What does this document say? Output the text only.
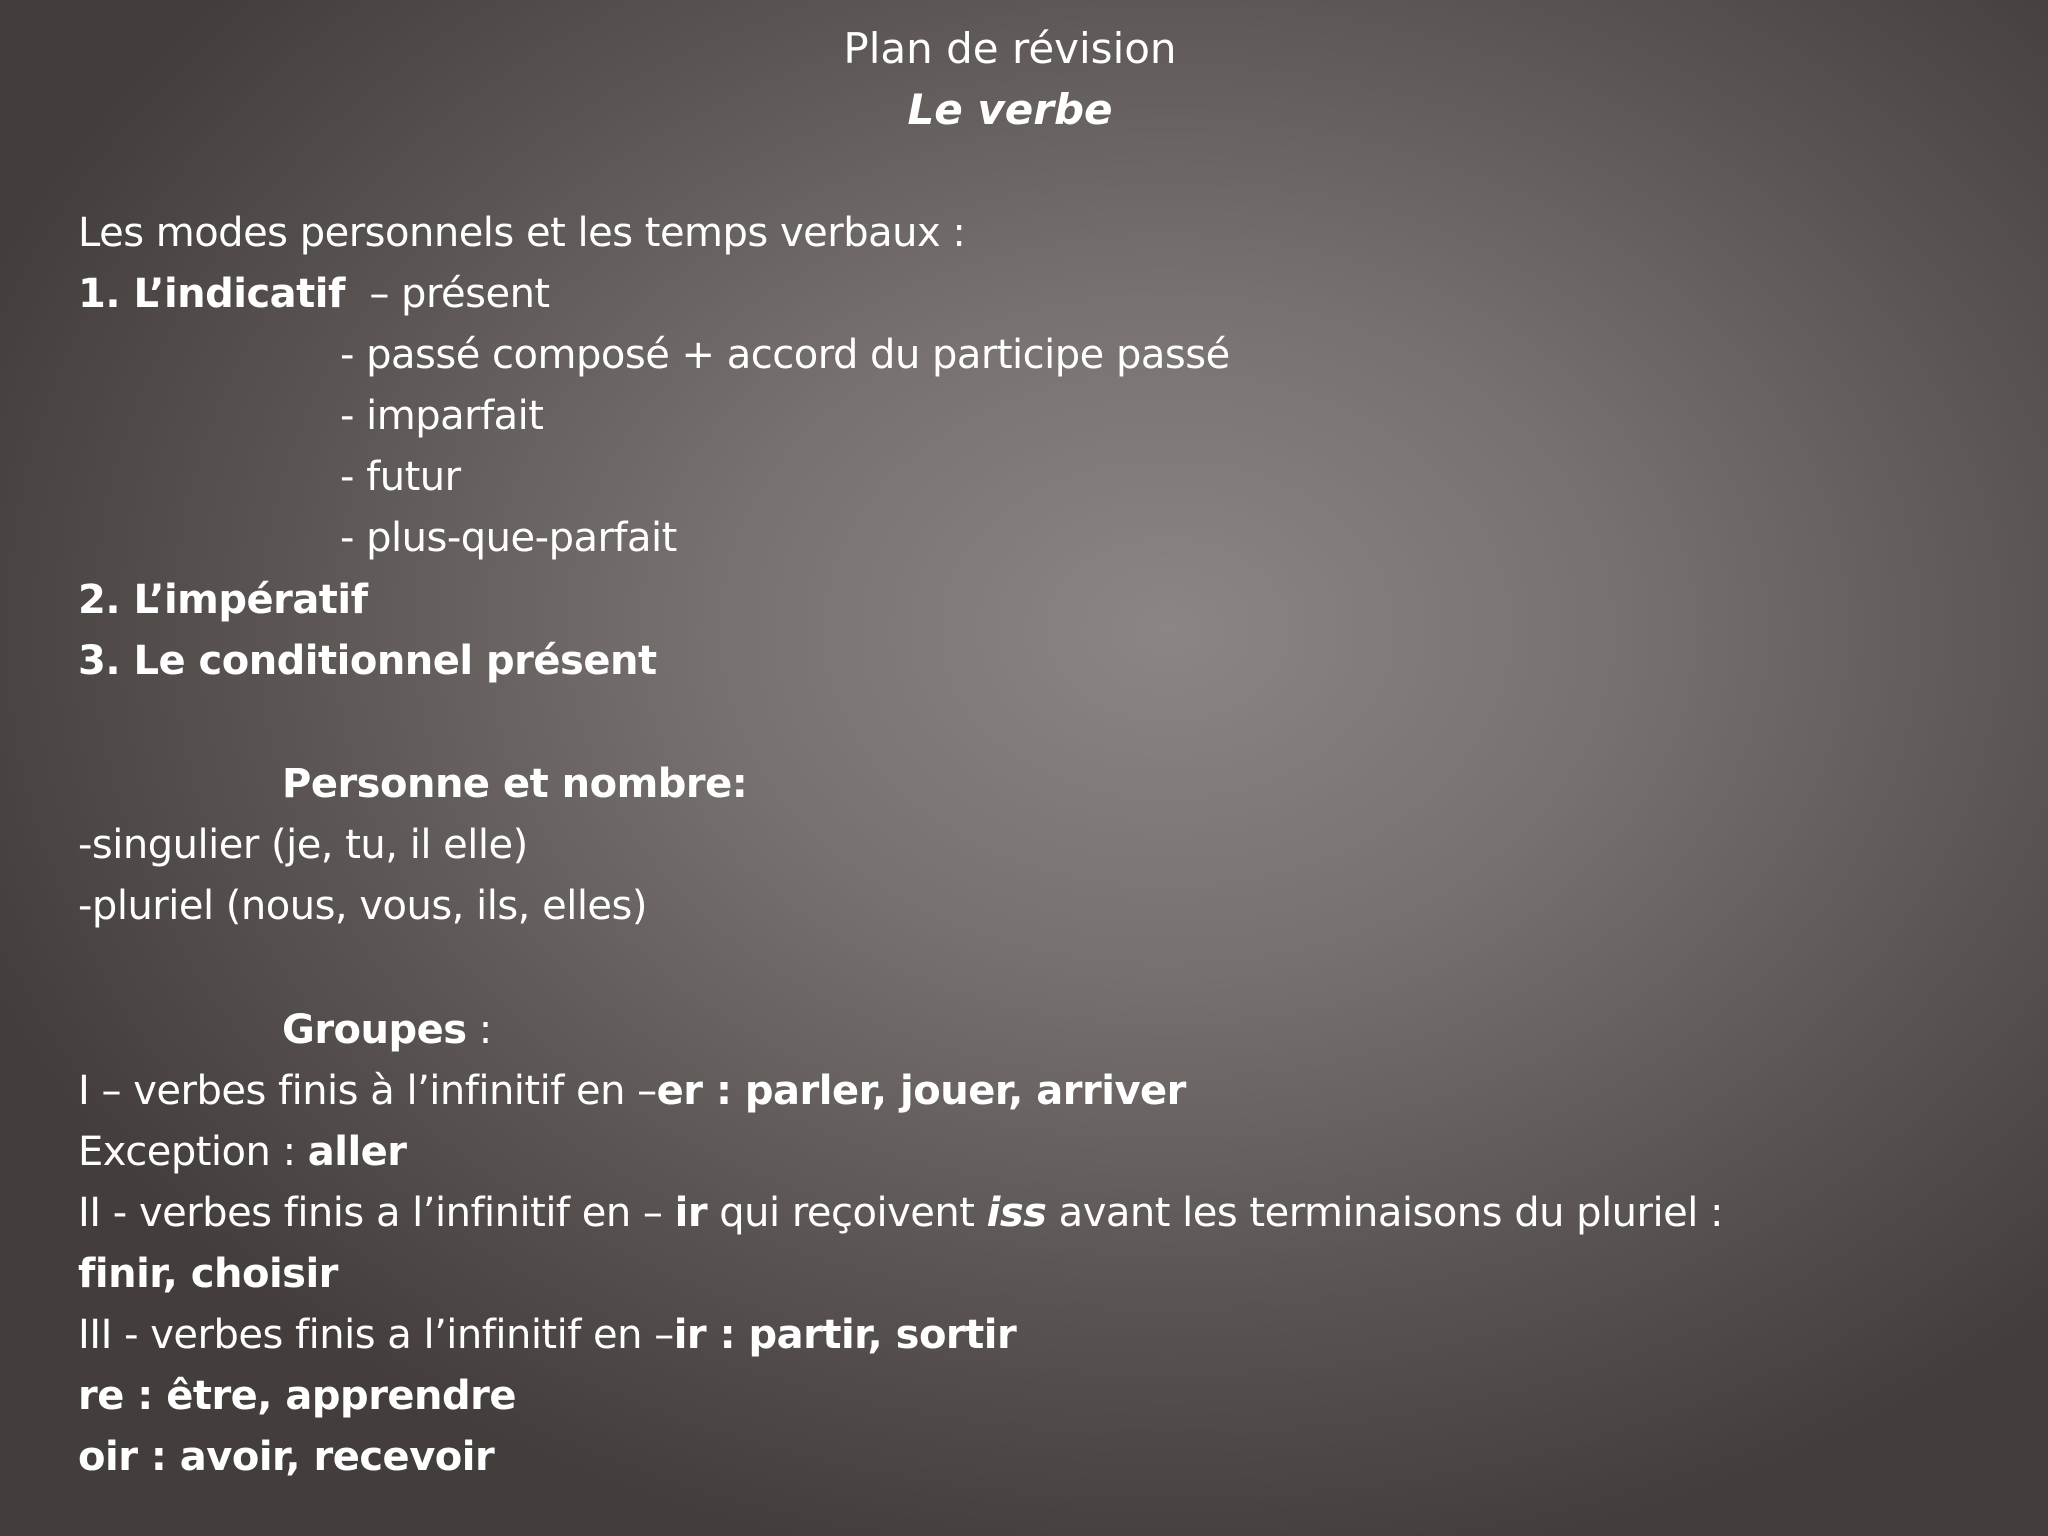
Plan de révision
Le verbe
Les modes personnels et les temps verbaux :
1. L’indicatif – présent
- passé composé + accord du participe passé
- imparfait
- futur
- plus-que-parfait
2. L’impératif
3. Le conditionnel présent
Personne et nombre:
-singulier (je, tu, il elle)
-pluriel (nous, vous, ils, elles)
Groupes :
I – verbes finis à l’infinitif en –er : parler, jouer, arriver
Exception : aller
II - verbes finis a l’infinitif en – ir qui reçoivent iss avant les terminaisons du pluriel :
finir, choisir
III - verbes finis a l’infinitif en –ir : partir, sortir
re : être, apprendre
oir : avoir, recevoir
